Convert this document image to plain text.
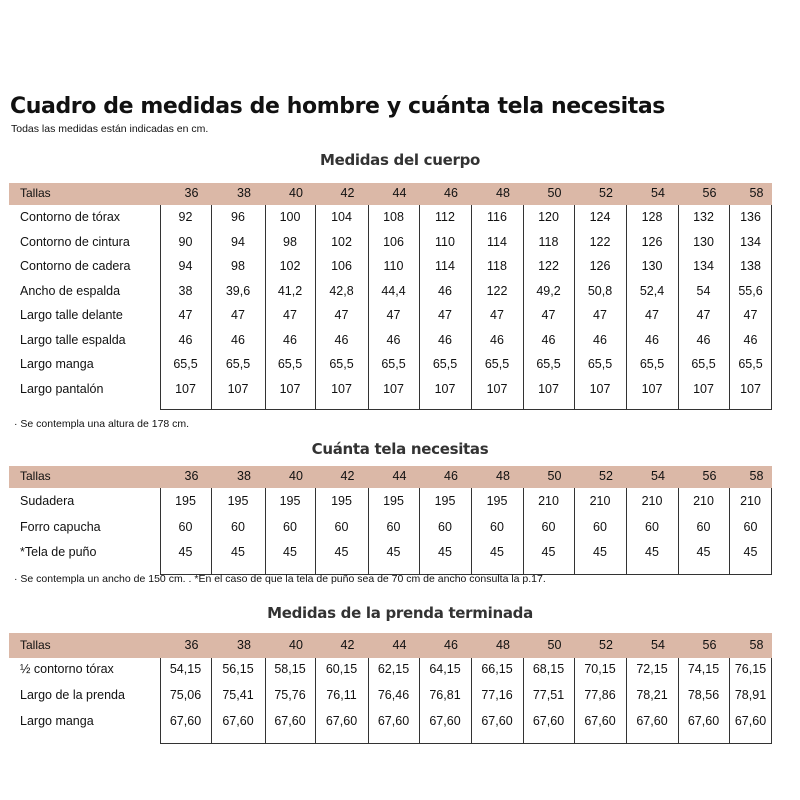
Cuadro de medidas de hombre y cuánta tela necesitas
Todas las medidas están indicadas en cm.
Medidas del cuerpo
Tallas	36	38	40	42	44	46	48	50	52	54	56	58
Contorno de tórax	92	96	100	104	108	112	116	120	124	128	132	136
Contorno de cintura	90	94	98	102	106	110	114	118	122	126	130	134
Contorno de cadera	94	98	102	106	110	114	118	122	126	130	134	138
Ancho de espalda	38	39,6	41,2	42,8	44,4	46	122	49,2	50,8	52,4	54	55,6
Largo talle delante	47	47	47	47	47	47	47	47	47	47	47	47
Largo talle espalda	46	46	46	46	46	46	46	46	46	46	46	46
Largo manga	65,5	65,5	65,5	65,5	65,5	65,5	65,5	65,5	65,5	65,5	65,5	65,5
Largo pantalón	107	107	107	107	107	107	107	107	107	107	107	107
· Se contempla una altura de 178 cm.
Cuánta tela necesitas
Tallas	36	38	40	42	44	46	48	50	52	54	56	58
Sudadera	195	195	195	195	195	195	195	210	210	210	210	210
Forro capucha	60	60	60	60	60	60	60	60	60	60	60	60
*Tela de puño	45	45	45	45	45	45	45	45	45	45	45	45
· Se contempla un ancho de 150 cm. . *En el caso de que la tela de puño sea de 70 cm de ancho consulta la p.17.
Medidas de la prenda terminada
Tallas	36	38	40	42	44	46	48	50	52	54	56	58
½ contorno tórax	54,15	56,15	58,15	60,15	62,15	64,15	66,15	68,15	70,15	72,15	74,15	76,15
Largo de la prenda	75,06	75,41	75,76	76,11	76,46	76,81	77,16	77,51	77,86	78,21	78,56	78,91
Largo manga	67,60	67,60	67,60	67,60	67,60	67,60	67,60	67,60	67,60	67,60	67,60	67,60
